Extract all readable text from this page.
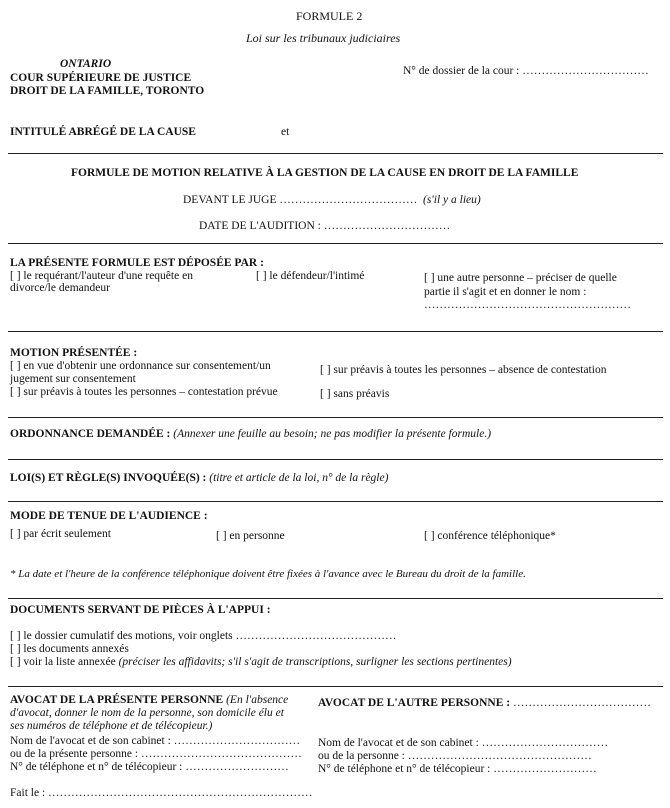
FORMULE 2
Loi sur les tribunaux judiciaires
ONTARIO
COUR SUPÉRIEURE DE JUSTICE
DROIT DE LA FAMILLE, TORONTO
N° de dossier de la cour : ……………………………
INTITULÉ ABRÉGÉ DE LA CAUSE	et
FORMULE DE MOTION RELATIVE À LA GESTION DE LA CAUSE EN DROIT DE LA FAMILLE
DEVANT LE JUGE ……………………………… (s'il y a lieu)
DATE DE L'AUDITION : ……………………………
LA PRÉSENTE FORMULE EST DÉPOSÉE PAR :
[ ] le requérant/l'auteur d'une requête en
divorce/le demandeur
[ ] le défendeur/l'intimé	[ ] une autre personne – préciser de quelle
partie il s'agit et en donner le nom :
………………………………………………
MOTION PRÉSENTÉE :
[ ] en vue d'obtenir une ordonnance sur consentement/un
jugement sur consentement
[ ] sur préavis à toutes les personnes – contestation prévue
[ ] sur préavis à toutes les personnes – absence de contestation
[ ] sans préavis
ORDONNANCE DEMANDÉE : (Annexer une feuille au besoin; ne pas modifier la présente formule.)
LOI(S) ET RÈGLE(S) INVOQUÉE(S) : (titre et article de la loi, n° de la règle)
MODE DE TENUE DE L'AUDIENCE :
[ ] par écrit seulement	[ ] en personne	[ ] conférence téléphonique*
* La date et l'heure de la conférence téléphonique doivent être fixées à l'avance avec le Bureau du droit de la famille.
DOCUMENTS SERVANT DE PIÈCES À L'APPUI :
[ ] le dossier cumulatif des motions, voir onglets ……………………………………
[ ] les documents annexés
[ ] voir la liste annexée (préciser les affidavits; s'il s'agit de transcriptions, surligner les sections pertinentes)
AVOCAT DE LA PRÉSENTE PERSONNE (En l'absence
d'avocat, donner le nom de la personne, son domicile élu et
ses numéros de téléphone et de télécopieur.)
Nom de l'avocat et de son cabinet : ……………………………
ou de la présente personne : ……………………………………
N° de téléphone et n° de télécopieur : ………………………
AVOCAT DE L'AUTRE PERSONNE : ………………………………
Nom de l'avocat et de son cabinet : ……………………………
ou de la personne : …………………………………………
N° de téléphone et n° de télécopieur : ………………………
Fait le : ……………………………………………………………
